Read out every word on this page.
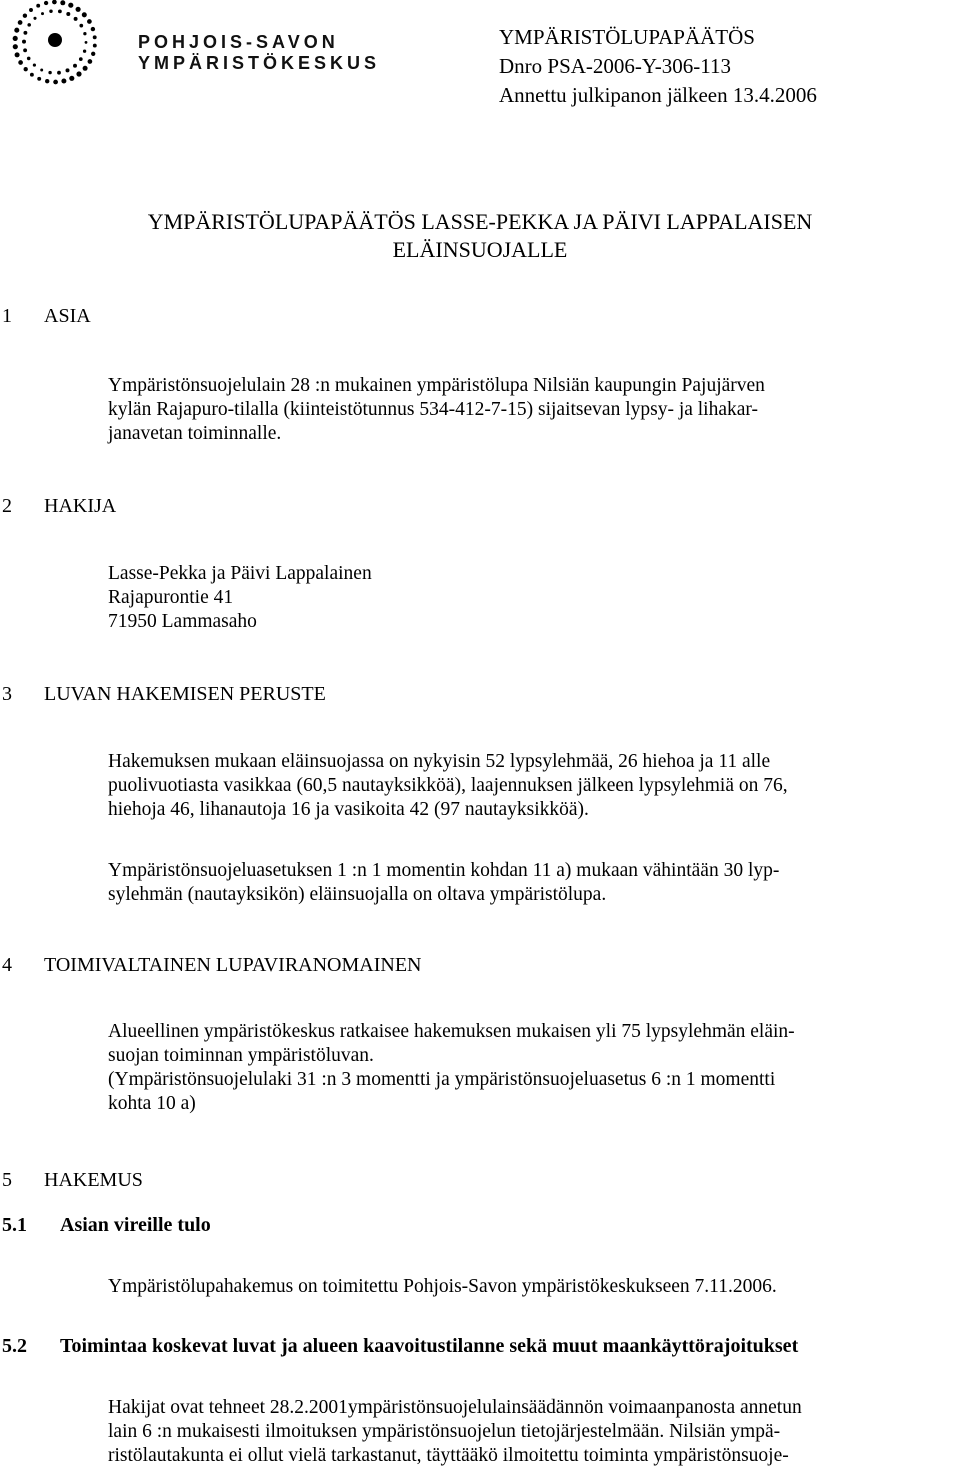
POHJOIS-SAVON
YMPÄRISTÖKESKUS
YMPÄRISTÖLUPAPÄÄTÖS
Dnro PSA-2006-Y-306-113
Annettu julkipanon jälkeen 13.4.2006
YMPÄRISTÖLUPAPÄÄTÖS LASSE-PEKKA JA PÄIVI LAPPALAISEN
ELÄINSUOJALLE
1 ASIA

Ympäristönsuojelulain 28 :n mukainen ympäristölupa Nilsiän kaupungin Pajujärven

kylän Rajapuro-tilalla (kiinteistötunnus 534-412-7-15) sijaitsevan lypsy- ja lihakar-

janavetan toiminnalle.

2 HAKIJA

Lasse-Pekka ja Päivi Lappalainen

Rajapurontie 41

71950 Lammasaho

3 LUVAN HAKEMISEN PERUSTE

Hakemuksen mukaan eläinsuojassa on nykyisin 52 lypsylehmää, 26 hiehoa ja 11 alle

puolivuotiasta vasikkaa (60,5 nautayksikköä), laajennuksen jälkeen lypsylehmiä on 76,

hiehoja 46, lihanautoja 16 ja vasikoita 42 (97 nautayksikköä).

Ympäristönsuojeluasetuksen 1 :n 1 momentin kohdan 11 a) mukaan vähintään 30 lyp-

sylehmän (nautayksikön) eläinsuojalla on oltava ympäristölupa.

4 TOIMIVALTAINEN LUPAVIRANOMAINEN

Alueellinen ympäristökeskus ratkaisee hakemuksen mukaisen yli 75 lypsylehmän eläin-

suojan toiminnan ympäristöluvan.

(Ympäristönsuojelulaki 31 :n 3 momentti ja ympäristönsuojeluasetus 6 :n 1 momentti

kohta 10 a)

5 HAKEMUS
5.1 Asian vireille tulo
Ympäristölupahakemus on toimitettu Pohjois-Savon ympäristökeskukseen 7.11.2006.
5.2 Toimintaa koskevat luvat ja alueen kaavoitustilanne sekä muut maankäyttörajoitukset

Hakijat ovat tehneet 28.2.2001ympäristönsuojelulainsäädännön voimaanpanosta annetun

lain 6 :n mukaisesti ilmoituksen ympäristönsuojelun tietojärjestelmään. Nilsiän ympä-

ristölautakunta ei ollut vielä tarkastanut, täyttääkö ilmoitettu toiminta ympäristönsuoje-
